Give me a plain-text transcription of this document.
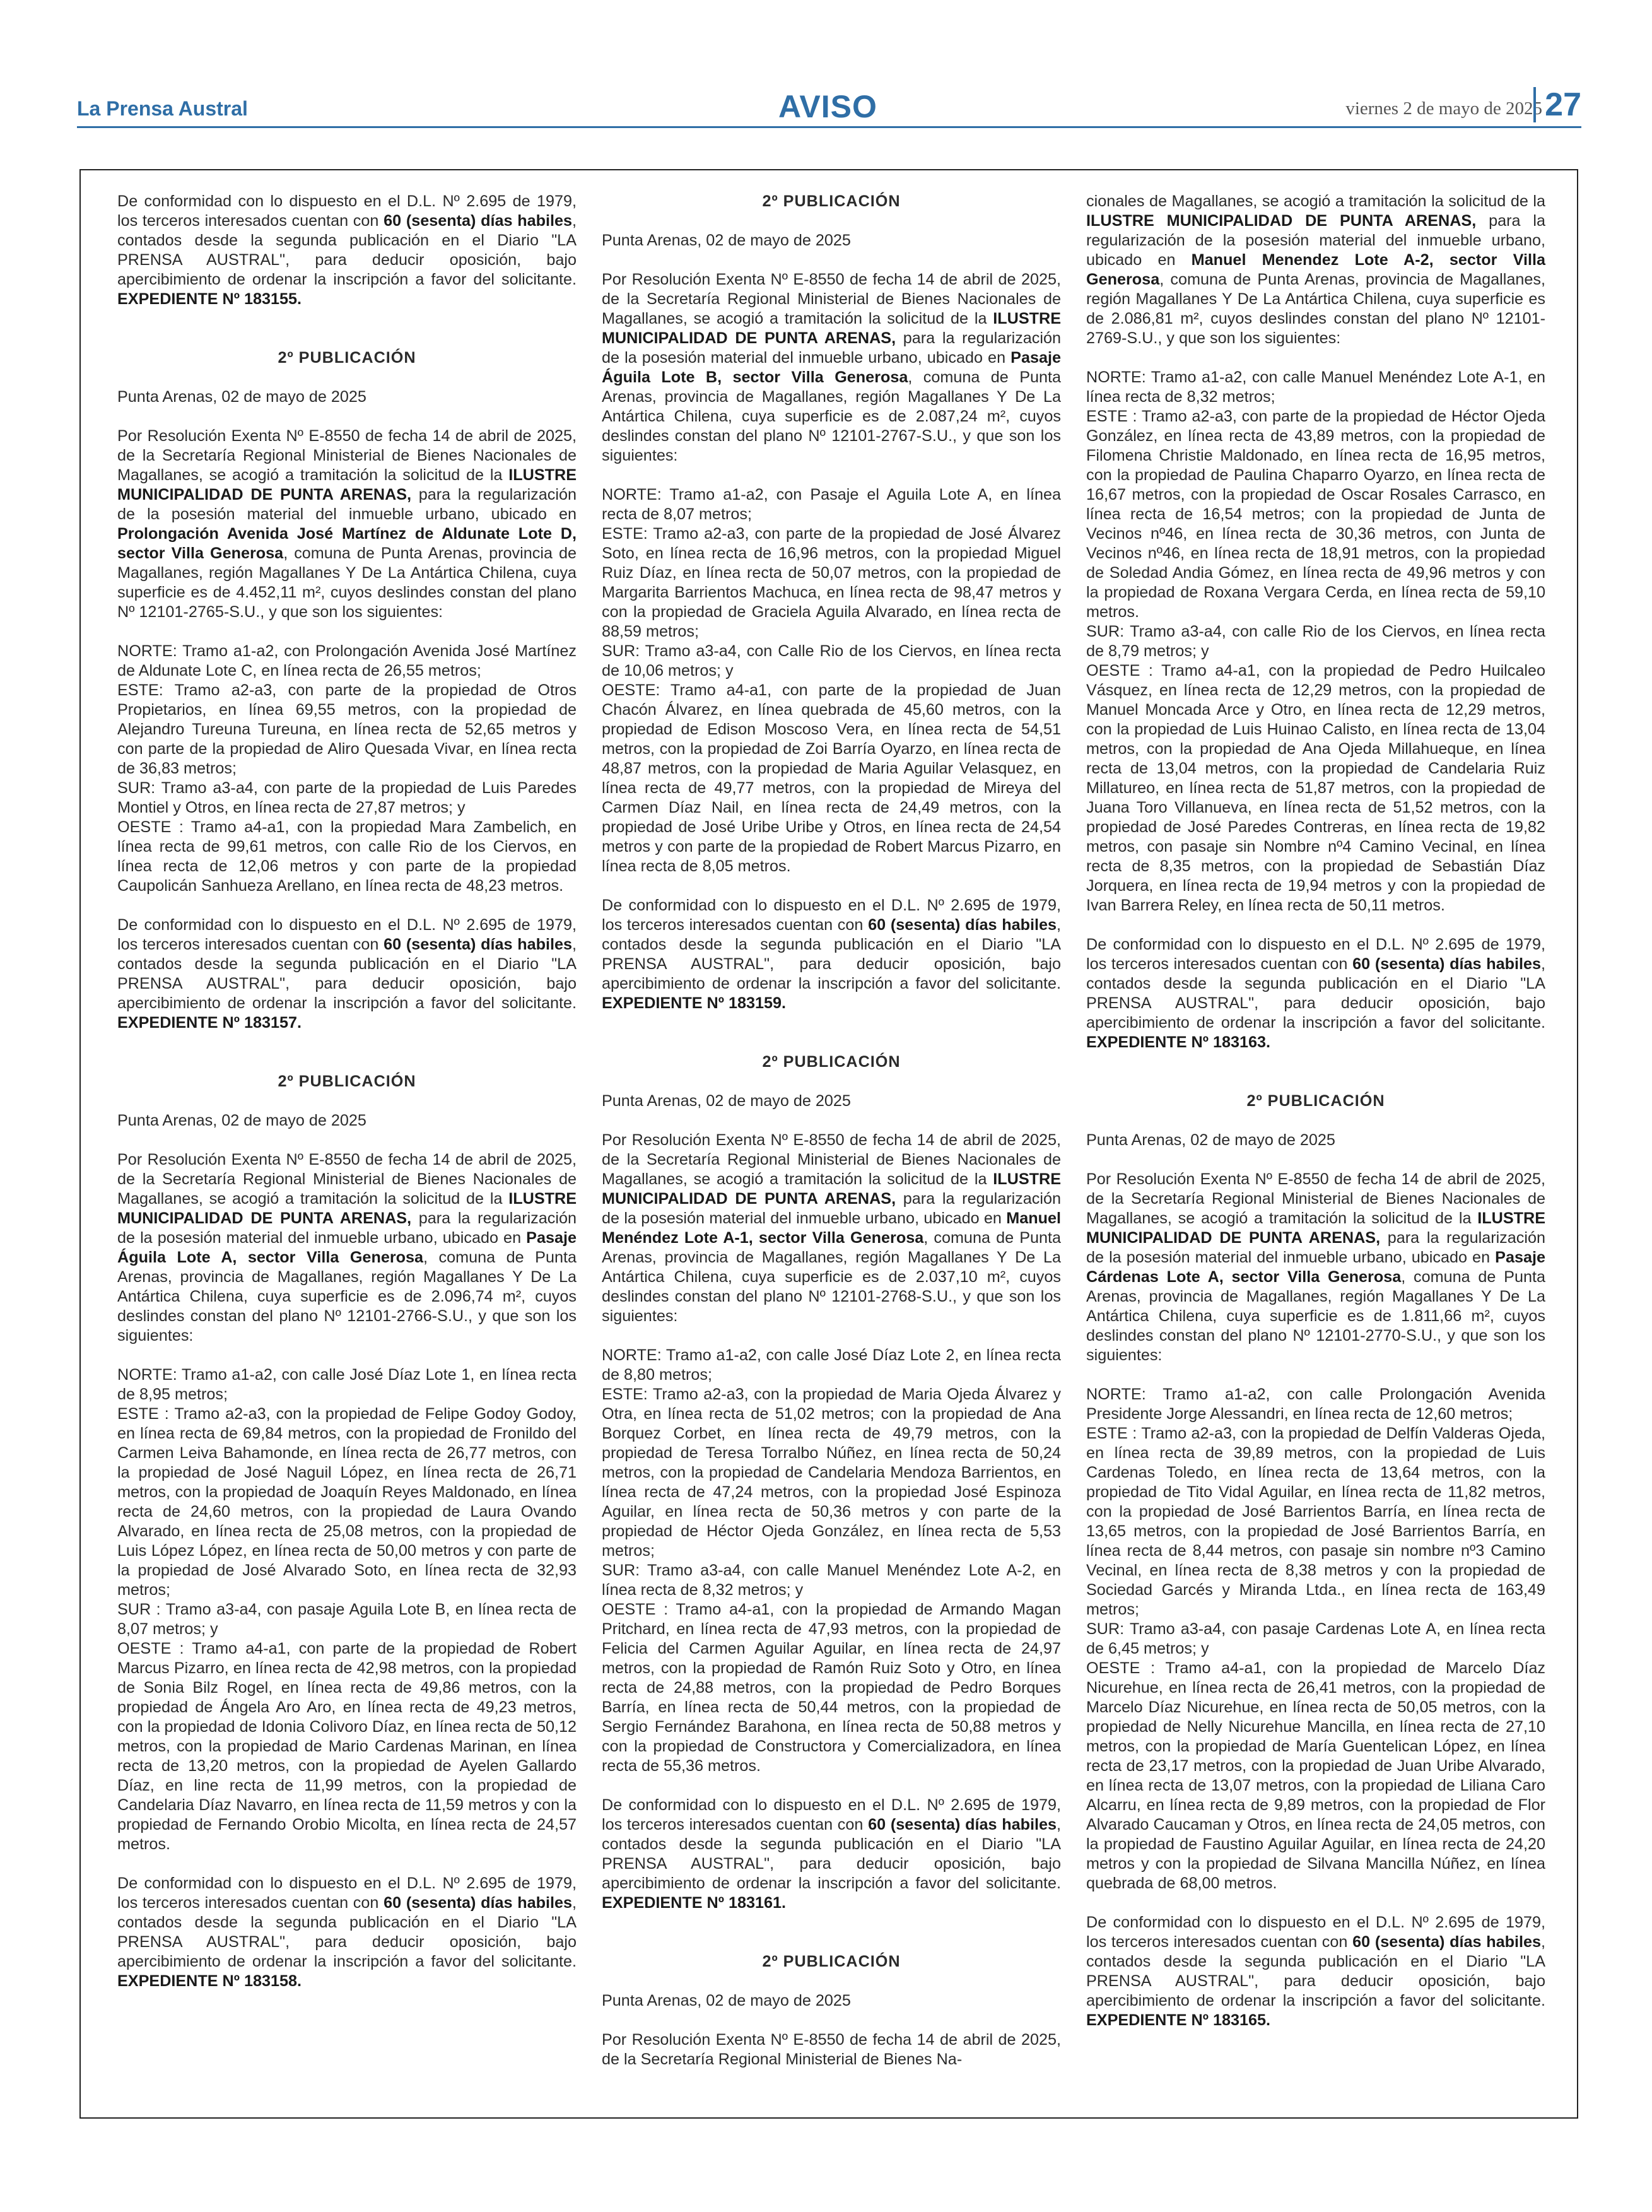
La Prensa Austral	AVISO	viernes 2 de mayo de 2025 27

De conformidad con lo dispuesto en el D.L. Nº 2.695 de 1979, los terceros interesados cuentan con 60 (sesenta) días habiles, contados desde la segunda publicación en el Diario "LA PRENSA AUSTRAL", para deducir oposición, bajo apercibimiento de ordenar la inscripción a favor del solicitante. EXPEDIENTE Nº 183155.

2º PUBLICACIÓN

Punta Arenas, 02 de mayo de 2025

Por Resolución Exenta Nº E-8550 de fecha 14 de abril de 2025, de la Secretaría Regional Ministerial de Bienes Nacionales de Magallanes, se acogió a tramitación la solicitud de la ILUSTRE MUNICIPALIDAD DE PUNTA ARENAS, para la regularización de la posesión material del inmueble urbano, ubicado en Prolongación Avenida José Martínez de Aldunate Lote D, sector Villa Generosa, comuna de Punta Arenas, provincia de Magallanes, región Magallanes Y De La Antártica Chilena, cuya superficie es de 4.452,11 m², cuyos deslindes constan del plano Nº 12101-2765-S.U., y que son los siguientes:

NORTE: Tramo a1-a2, con Prolongación Avenida José Martínez de Aldunate Lote C, en línea recta de 26,55 metros;
ESTE: Tramo a2-a3, con parte de la propiedad de Otros Propietarios, en línea 69,55 metros, con la propiedad de Alejandro Tureuna Tureuna, en línea recta de 52,65 metros y con parte de la propiedad de Aliro Quesada Vivar, en línea recta de 36,83 metros;
SUR: Tramo a3-a4, con parte de la propiedad de Luis Paredes Montiel y Otros, en línea recta de 27,87 metros; y
OESTE : Tramo a4-a1, con la propiedad Mara Zambelich, en línea recta de 99,61 metros, con calle Rio de los Ciervos, en línea recta de 12,06 metros y con parte de la propiedad Caupolicán Sanhueza Arellano, en línea recta de 48,23 metros.

De conformidad con lo dispuesto en el D.L. Nº 2.695 de 1979, los terceros interesados cuentan con 60 (sesenta) días habiles, contados desde la segunda publicación en el Diario "LA PRENSA AUSTRAL", para deducir oposición, bajo apercibimiento de ordenar la inscripción a favor del solicitante. EXPEDIENTE Nº 183157.

2º PUBLICACIÓN

Punta Arenas, 02 de mayo de 2025

Por Resolución Exenta Nº E-8550 de fecha 14 de abril de 2025, de la Secretaría Regional Ministerial de Bienes Nacionales de Magallanes, se acogió a tramitación la solicitud de la ILUSTRE MUNICIPALIDAD DE PUNTA ARENAS, para la regularización de la posesión material del inmueble urbano, ubicado en Pasaje Águila Lote A, sector Villa Generosa, comuna de Punta Arenas, provincia de Magallanes, región Magallanes Y De La Antártica Chilena, cuya superficie es de 2.096,74 m², cuyos deslindes constan del plano Nº 12101-2766-S.U., y que son los siguientes:

NORTE: Tramo a1-a2, con calle José Díaz Lote 1, en línea recta de 8,95 metros;
ESTE : Tramo a2-a3, con la propiedad de Felipe Godoy Godoy, en línea recta de 69,84 metros, con la propiedad de Fronildo del Carmen Leiva Bahamonde, en línea recta de 26,77 metros, con la propiedad de José Naguil López, en línea recta de 26,71 metros, con la propiedad de Joaquín Reyes Maldonado, en línea recta de 24,60 metros, con la propiedad de Laura Ovando Alvarado, en línea recta de 25,08 metros, con la propiedad de Luis López López, en línea recta de 50,00 metros y con parte de la propiedad de José Alvarado Soto, en línea recta de 32,93 metros;
SUR : Tramo a3-a4, con pasaje Aguila Lote B, en línea recta de 8,07 metros; y
OESTE : Tramo a4-a1, con parte de la propiedad de Robert Marcus Pizarro, en línea recta de 42,98 metros, con la propiedad de Sonia Bilz Rogel, en línea recta de 49,86 metros, con la propiedad de Ángela Aro Aro, en línea recta de 49,23 metros, con la propiedad de Idonia Colivoro Díaz, en línea recta de 50,12 metros, con la propiedad de Mario Cardenas Marinan, en línea recta de 13,20 metros, con la propiedad de Ayelen Gallardo Díaz, en line recta de 11,99 metros, con la propiedad de Candelaria Díaz Navarro, en línea recta de 11,59 metros y con la propiedad de Fernando Orobio Micolta, en línea recta de 24,57 metros.

De conformidad con lo dispuesto en el D.L. Nº 2.695 de 1979, los terceros interesados cuentan con 60 (sesenta) días habiles, contados desde la segunda publicación en el Diario "LA PRENSA AUSTRAL", para deducir oposición, bajo apercibimiento de ordenar la inscripción a favor del solicitante. EXPEDIENTE Nº 183158.

2º PUBLICACIÓN

Punta Arenas, 02 de mayo de 2025

Por Resolución Exenta Nº E-8550 de fecha 14 de abril de 2025, de la Secretaría Regional Ministerial de Bienes Nacionales de Magallanes, se acogió a tramitación la solicitud de la ILUSTRE MUNICIPALIDAD DE PUNTA ARENAS, para la regularización de la posesión material del inmueble urbano, ubicado en Pasaje Águila Lote B, sector Villa Generosa, comuna de Punta Arenas, provincia de Magallanes, región Magallanes Y De La Antártica Chilena, cuya superficie es de 2.087,24 m², cuyos deslindes constan del plano Nº 12101-2767-S.U., y que son los siguientes:

NORTE: Tramo a1-a2, con Pasaje el Aguila Lote A, en línea recta de 8,07 metros;
ESTE: Tramo a2-a3, con parte de la propiedad de José Álvarez Soto, en línea recta de 16,96 metros, con la propiedad Miguel Ruiz Díaz, en línea recta de 50,07 metros, con la propiedad de Margarita Barrientos Machuca, en línea recta de 98,47 metros y con la propiedad de Graciela Aguila Alvarado, en línea recta de 88,59 metros;
SUR: Tramo a3-a4, con Calle Rio de los Ciervos, en línea recta de 10,06 metros; y
OESTE: Tramo a4-a1, con parte de la propiedad de Juan Chacón Álvarez, en línea quebrada de 45,60 metros, con la propiedad de Edison Moscoso Vera, en línea recta de 54,51 metros, con la propiedad de Zoi Barría Oyarzo, en línea recta de 48,87 metros, con la propiedad de Maria Aguilar Velasquez, en línea recta de 49,77 metros, con la propiedad de Mireya del Carmen Díaz Nail, en línea recta de 24,49 metros, con la propiedad de José Uribe Uribe y Otros, en línea recta de 24,54 metros y con parte de la propiedad de Robert Marcus Pizarro, en línea recta de 8,05 metros.

De conformidad con lo dispuesto en el D.L. Nº 2.695 de 1979, los terceros interesados cuentan con 60 (sesenta) días habiles, contados desde la segunda publicación en el Diario "LA PRENSA AUSTRAL", para deducir oposición, bajo apercibimiento de ordenar la inscripción a favor del solicitante. EXPEDIENTE Nº 183159.

2º PUBLICACIÓN

Punta Arenas, 02 de mayo de 2025

Por Resolución Exenta Nº E-8550 de fecha 14 de abril de 2025, de la Secretaría Regional Ministerial de Bienes Nacionales de Magallanes, se acogió a tramitación la solicitud de la ILUSTRE MUNICIPALIDAD DE PUNTA ARENAS, para la regularización de la posesión material del inmueble urbano, ubicado en Manuel Menéndez Lote A-1, sector Villa Generosa, comuna de Punta Arenas, provincia de Magallanes, región Magallanes Y De La Antártica Chilena, cuya superficie es de 2.037,10 m², cuyos deslindes constan del plano Nº 12101-2768-S.U., y que son los siguientes:

NORTE: Tramo a1-a2, con calle José Díaz Lote 2, en línea recta de 8,80 metros;
ESTE: Tramo a2-a3, con la propiedad de Maria Ojeda Álvarez y Otra, en línea recta de 51,02 metros; con la propiedad de Ana Borquez Corbet, en línea recta de 49,79 metros, con la propiedad de Teresa Torralbo Núñez, en línea recta de 50,24 metros, con la propiedad de Candelaria Mendoza Barrientos, en línea recta de 47,24 metros, con la propiedad José Espinoza Aguilar, en línea recta de 50,36 metros y con parte de la propiedad de Héctor Ojeda González, en línea recta de 5,53 metros;
SUR: Tramo a3-a4, con calle Manuel Menéndez Lote A-2, en línea recta de 8,32 metros; y
OESTE : Tramo a4-a1, con la propiedad de Armando Magan Pritchard, en línea recta de 47,93 metros, con la propiedad de Felicia del Carmen Aguilar Aguilar, en línea recta de 24,97 metros, con la propiedad de Ramón Ruiz Soto y Otro, en línea recta de 24,88 metros, con la propiedad de Pedro Borques Barría, en línea recta de 50,44 metros, con la propiedad de Sergio Fernández Barahona, en línea recta de 50,88 metros y con la propiedad de Constructora y Comercializadora, en línea recta de 55,36 metros.

De conformidad con lo dispuesto en el D.L. Nº 2.695 de 1979, los terceros interesados cuentan con 60 (sesenta) días habiles, contados desde la segunda publicación en el Diario "LA PRENSA AUSTRAL", para deducir oposición, bajo apercibimiento de ordenar la inscripción a favor del solicitante. EXPEDIENTE Nº 183161.

2º PUBLICACIÓN

Punta Arenas, 02 de mayo de 2025

Por Resolución Exenta Nº E-8550 de fecha 14 de abril de 2025, de la Secretaría Regional Ministerial de Bienes Na-

cionales de Magallanes, se acogió a tramitación la solicitud de la ILUSTRE MUNICIPALIDAD DE PUNTA ARENAS, para la regularización de la posesión material del inmueble urbano, ubicado en Manuel Menendez Lote A-2, sector Villa Generosa, comuna de Punta Arenas, provincia de Magallanes, región Magallanes Y De La Antártica Chilena, cuya superficie es de 2.086,81 m², cuyos deslindes constan del plano Nº 12101-2769-S.U., y que son los siguientes:

NORTE: Tramo a1-a2, con calle Manuel Menéndez Lote A-1, en línea recta de 8,32 metros;
ESTE : Tramo a2-a3, con parte de la propiedad de Héctor Ojeda González, en línea recta de 43,89 metros, con la propiedad de Filomena Christie Maldonado, en línea recta de 16,95 metros, con la propiedad de Paulina Chaparro Oyarzo, en línea recta de 16,67 metros, con la propiedad de Oscar Rosales Carrasco, en línea recta de 16,54 metros; con la propiedad de Junta de Vecinos nº46, en línea recta de 30,36 metros, con Junta de Vecinos nº46, en línea recta de 18,91 metros, con la propiedad de Soledad Andia Gómez, en línea recta de 49,96 metros y con la propiedad de Roxana Vergara Cerda, en línea recta de 59,10 metros.
SUR: Tramo a3-a4, con calle Rio de los Ciervos, en línea recta de 8,79 metros; y
OESTE : Tramo a4-a1, con la propiedad de Pedro Huilcaleo Vásquez, en línea recta de 12,29 metros, con la propiedad de Manuel Moncada Arce y Otro, en línea recta de 12,29 metros, con la propiedad de Luis Huinao Calisto, en línea recta de 13,04 metros, con la propiedad de Ana Ojeda Millahueque, en línea recta de 13,04 metros, con la propiedad de Candelaria Ruiz Millatureo, en línea recta de 51,87 metros, con la propiedad de Juana Toro Villanueva, en línea recta de 51,52 metros, con la propiedad de José Paredes Contreras, en línea recta de 19,82 metros, con pasaje sin Nombre nº4 Camino Vecinal, en línea recta de 8,35 metros, con la propiedad de Sebastián Díaz Jorquera, en línea recta de 19,94 metros y con la propiedad de Ivan Barrera Reley, en línea recta de 50,11 metros.

De conformidad con lo dispuesto en el D.L. Nº 2.695 de 1979, los terceros interesados cuentan con 60 (sesenta) días habiles, contados desde la segunda publicación en el Diario "LA PRENSA AUSTRAL", para deducir oposición, bajo apercibimiento de ordenar la inscripción a favor del solicitante. EXPEDIENTE Nº 183163.

2º PUBLICACIÓN

Punta Arenas, 02 de mayo de 2025

Por Resolución Exenta Nº E-8550 de fecha 14 de abril de 2025, de la Secretaría Regional Ministerial de Bienes Nacionales de Magallanes, se acogió a tramitación la solicitud de la ILUSTRE MUNICIPALIDAD DE PUNTA ARENAS, para la regularización de la posesión material del inmueble urbano, ubicado en Pasaje Cárdenas Lote A, sector Villa Generosa, comuna de Punta Arenas, provincia de Magallanes, región Magallanes Y De La Antártica Chilena, cuya superficie es de 1.811,66 m², cuyos deslindes constan del plano Nº 12101-2770-S.U., y que son los siguientes:

NORTE: Tramo a1-a2, con calle Prolongación Avenida Presidente Jorge Alessandri, en línea recta de 12,60 metros;
ESTE : Tramo a2-a3, con la propiedad de Delfín Valderas Ojeda, en línea recta de 39,89 metros, con la propiedad de Luis Cardenas Toledo, en línea recta de 13,64 metros, con la propiedad de Tito Vidal Aguilar, en línea recta de 11,82 metros, con la propiedad de José Barrientos Barría, en línea recta de 13,65 metros, con la propiedad de José Barrientos Barría, en línea recta de 8,44 metros, con pasaje sin nombre nº3 Camino Vecinal, en línea recta de 8,38 metros y con la propiedad de Sociedad Garcés y Miranda Ltda., en línea recta de 163,49 metros;
SUR: Tramo a3-a4, con pasaje Cardenas Lote A, en línea recta de 6,45 metros; y
OESTE : Tramo a4-a1, con la propiedad de Marcelo Díaz Nicurehue, en línea recta de 26,41 metros, con la propiedad de Marcelo Díaz Nicurehue, en línea recta de 50,05 metros, con la propiedad de Nelly Nicurehue Mancilla, en línea recta de 27,10 metros, con la propiedad de María Guentelican López, en línea recta de 23,17 metros, con la propiedad de Juan Uribe Alvarado, en línea recta de 13,07 metros, con la propiedad de Liliana Caro Alcarru, en línea recta de 9,89 metros, con la propiedad de Flor Alvarado Caucaman y Otros, en línea recta de 24,05 metros, con la propiedad de Faustino Aguilar Aguilar, en línea recta de 24,20 metros y con la propiedad de Silvana Mancilla Núñez, en línea quebrada de 68,00 metros.

De conformidad con lo dispuesto en el D.L. Nº 2.695 de 1979, los terceros interesados cuentan con 60 (sesenta) días habiles, contados desde la segunda publicación en el Diario "LA PRENSA AUSTRAL", para deducir oposición, bajo apercibimiento de ordenar la inscripción a favor del solicitante. EXPEDIENTE Nº 183165.
